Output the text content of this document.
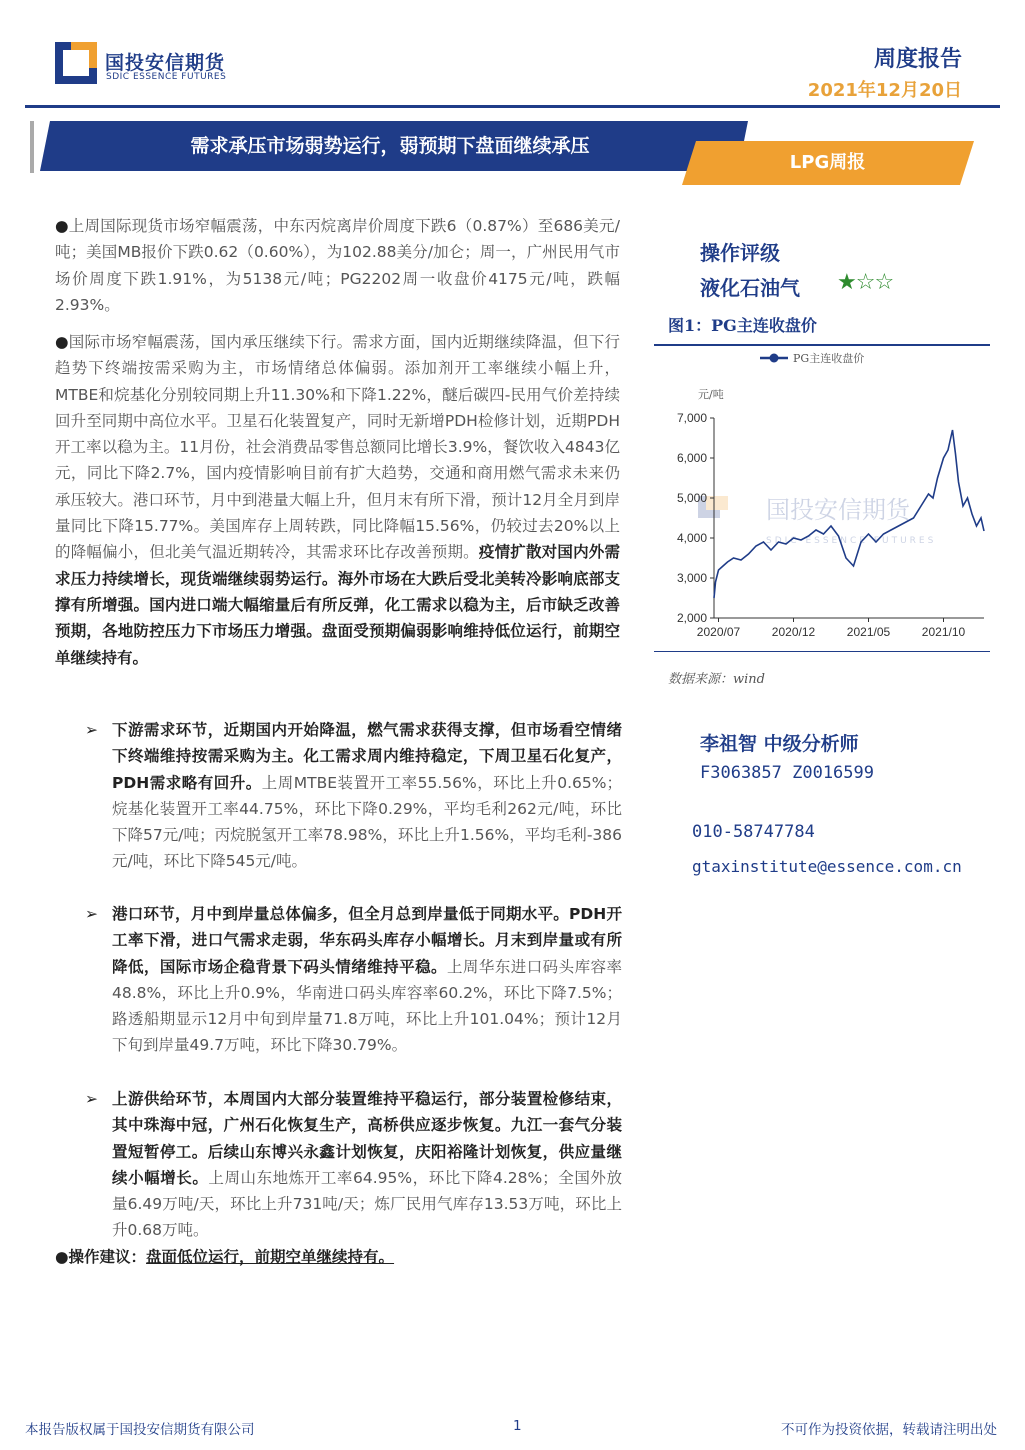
国投安信期货
SDIC ESSENCE FUTURES
周度报告
2021年12月20日
需求承压市场弱势运行，弱预期下盘面继续承压
LPG周报
●上周国际现货市场窄幅震荡，中东丙烷离岸价周度下跌6（0.87%）至686美元/吨；美国MB报价下跌0.62（0.60%），为102.88美分/加仑；周一，广州民用气市场价周度下跌1.91%，为5138元/吨；PG2202周一收盘价4175元/吨，跌幅2.93%。
●国际市场窄幅震荡，国内承压继续下行。需求方面，国内近期继续降温，但下行趋势下终端按需采购为主，市场情绪总体偏弱。添加剂开工率继续小幅上升，MTBE和烷基化分别较同期上升11.30%和下降1.22%，醚后碳四-民用气价差持续回升至同期中高位水平。卫星石化装置复产，同时无新增PDH检修计划，近期PDH开工率以稳为主。11月份，社会消费品零售总额同比增长3.9%，餐饮收入4843亿元，同比下降2.7%，国内疫情影响目前有扩大趋势，交通和商用燃气需求未来仍承压较大。港口环节，月中到港量大幅上升，但月末有所下滑，预计12月全月到岸量同比下降15.77%。美国库存上周转跌，同比降幅15.56%，仍较过去20%以上的降幅偏小，但北美气温近期转冷，其需求环比存改善预期。疫情扩散对国内外需求压力持续增长，现货端继续弱势运行。海外市场在大跌后受北美转冷影响底部支撑有所增强。国内进口端大幅缩量后有所反弹，化工需求以稳为主，后市缺乏改善预期，各地防控压力下市场压力增强。盘面受预期偏弱影响维持低位运行，前期空单继续持有。
➢ 下游需求环节，近期国内开始降温，燃气需求获得支撑，但市场看空情绪下终端维持按需采购为主。化工需求周内维持稳定，下周卫星石化复产，PDH需求略有回升。上周MTBE装置开工率55.56%，环比上升0.65%；烷基化装置开工率44.75%，环比下降0.29%，平均毛利262元/吨，环比下降57元/吨；丙烷脱氢开工率78.98%，环比上升1.56%，平均毛利-386元/吨，环比下降545元/吨。
➢ 港口环节，月中到岸量总体偏多，但全月总到岸量低于同期水平。PDH开工率下滑，进口气需求走弱，华东码头库存小幅增长。月末到岸量或有所降低，国际市场企稳背景下码头情绪维持平稳。上周华东进口码头库容率48.8%，环比上升0.9%，华南进口码头库容率60.2%，环比下降7.5%；路透船期显示12月中旬到岸量71.8万吨，环比上升101.04%；预计12月下旬到岸量49.7万吨，环比下降30.79%。
➢ 上游供给环节，本周国内大部分装置维持平稳运行，部分装置检修结束，其中珠海中冠，广州石化恢复生产，高桥供应逐步恢复。九江一套气分装置短暂停工。后续山东博兴永鑫计划恢复，庆阳裕隆计划恢复，供应量继续小幅增长。上周山东地炼开工率64.95%，环比下降4.28%；全国外放量6.49万吨/天，环比上升731吨/天；炼厂民用气库存13.53万吨，环比上升0.68万吨。
●操作建议：盘面低位运行，前期空单继续持有。
操作评级
液化石油气 ★☆☆
图1：PG主连收盘价
国投安信期货
SDIC ESSENCE FUTURES
PG主连收盘价
元/吨
7,000
6,000
5,000
4,000
3,000
2,000
2020/07	2020/12	2021/05	2021/10
数据来源：wind
李祖智 中级分析师
F3063857 Z0016599
010-58747784
gtaxinstitute@essence.com.cn
本报告版权属于国投安信期货有限公司	1	不可作为投资依据，转载请注明出处
